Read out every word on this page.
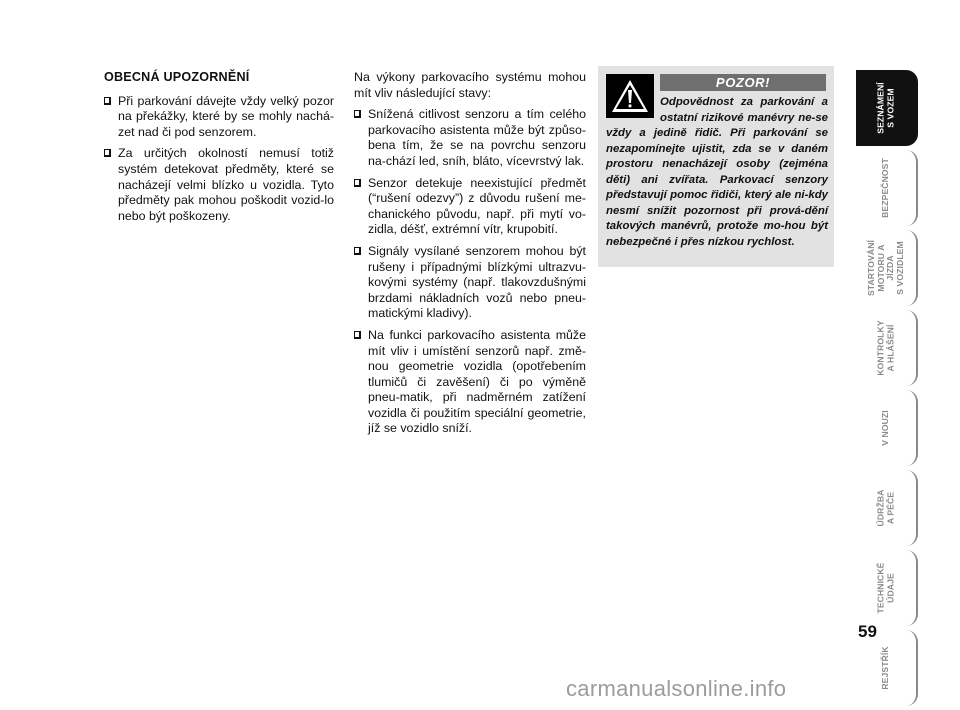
OBECNÁ UPOZORNĚNÍ
Při parkování dávejte vždy velký pozor na překážky, které by se mohly nachá-zet nad či pod senzorem.
Za určitých okolností nemusí totiž systém detekovat předměty, které se nacházejí velmi blízko u vozidla. Tyto předměty pak mohou poškodit vozid-lo nebo být poškozeny.
Na výkony parkovacího systému mohou mít vliv následující stavy:
Snížená citlivost senzoru a tím celého parkovacího asistenta může být způso-bena tím, že se na povrchu senzoru na-chází led, sníh, bláto, vícevrstvý lak.
Senzor detekuje neexistující předmět (“rušení odezvy”) z důvodu rušení me-chanického původu, např. při mytí vo-zidla, déšť, extrémní vítr, krupobití.
Signály vysílané senzorem mohou být rušeny i případnými blízkými ultrazvu-kovými systémy (např. tlakovzdušnými brzdami nákladních vozů nebo pneu-matickými kladivy).
Na funkci parkovacího asistenta může mít vliv i umístění senzorů např. změ-nou geometrie vozidla (opotřebením tlumičů či zavěšení) či po výměně pneu-matik, při nadměrném zatížení vozidla či použitím speciální geometrie, jíž se vozidlo sníží.
POZOR!
Odpovědnost za parkování a ostatní rizikové manévry ne-se vždy a jedině řidič. Při parkování se nezapomínejte ujistit, zda se v daném prostoru nenacházejí osoby (zejména děti) ani zvířata. Parkovací senzory představují pomoc řidiči, který ale ni-kdy nesmí snížit pozornost při prová-dění takových manévrů, protože mo-hou být nebezpečné i přes nízkou rychlost.
SEZNÁMENÍ
S VOZEM
BEZPEČNOST
STARTOVÁNÍ
MOTORU A JÍZDA
S VOZIDLEM
KONTROLKY
A HLÁŠENÍ
V NOUZI
ÚDRŽBA
A PÉČE
TECHNICKÉ
ÚDAJE
REJSTŘÍK
59
carmanualsonline.info
